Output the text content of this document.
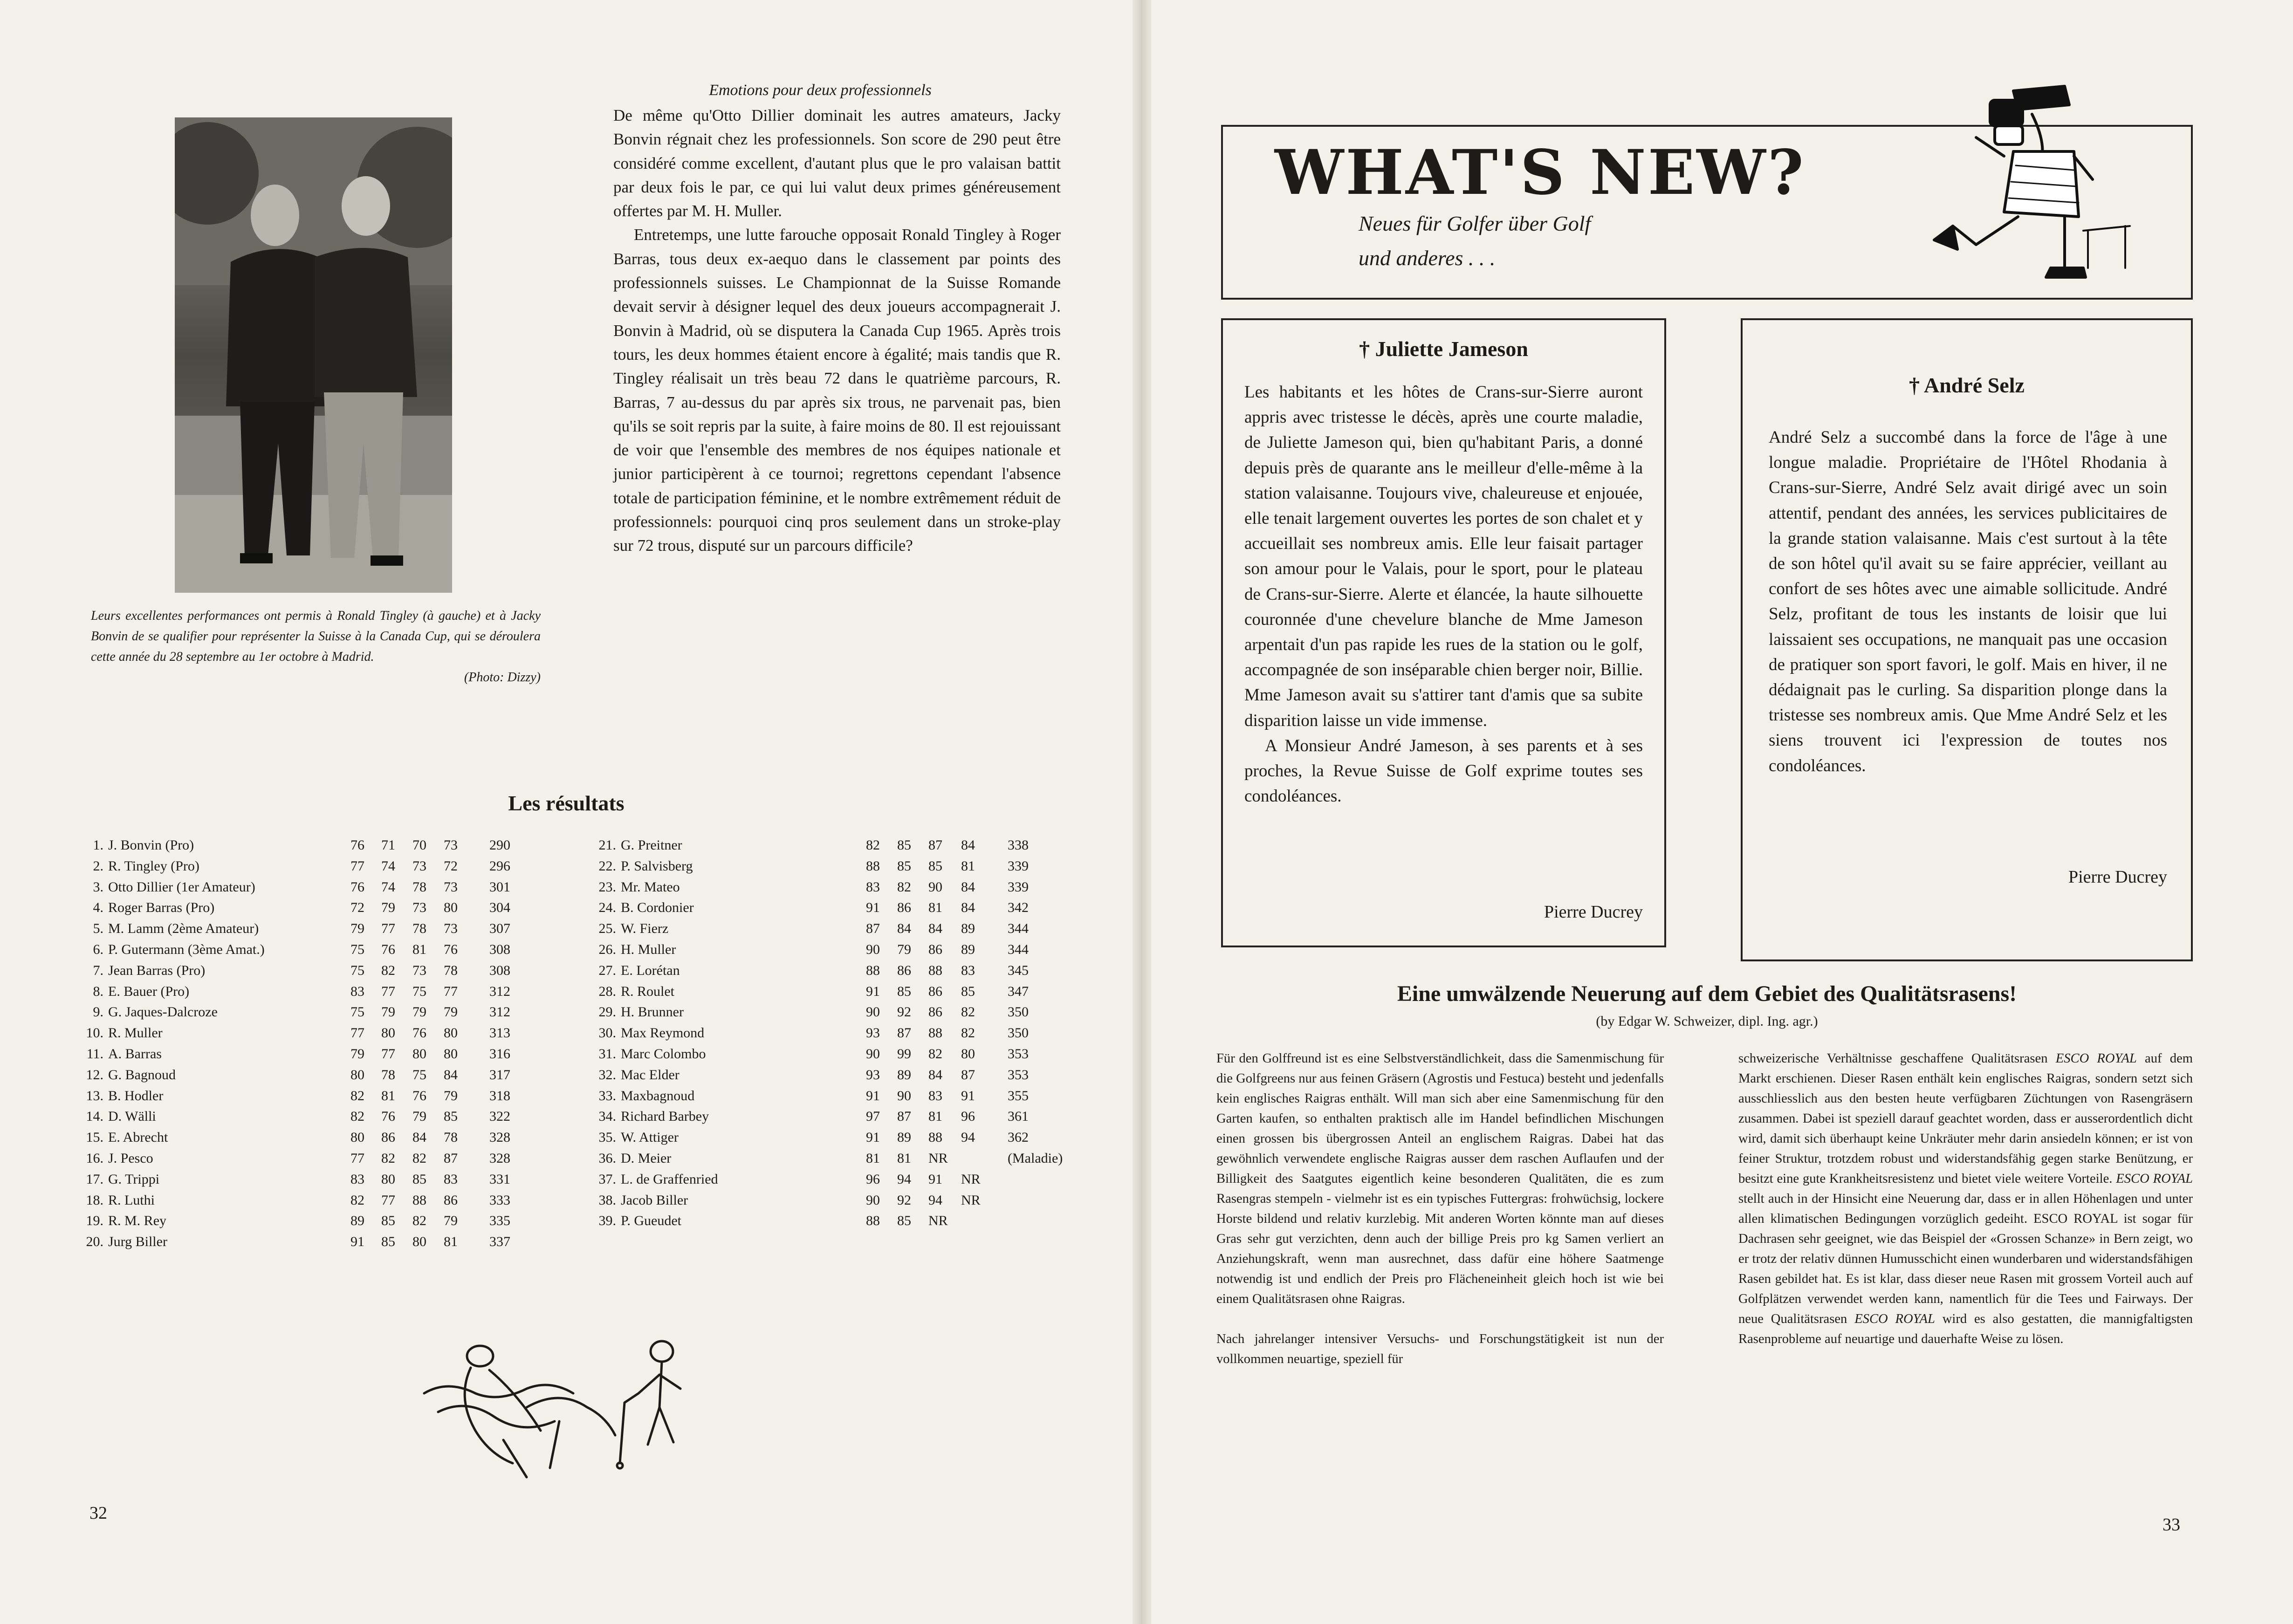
Leurs excellentes performances ont permis à Ronald Tingley (à gauche) et à Jacky Bonvin de se qualifier pour représenter la Suisse à la Canada Cup, qui se déroulera cette année du 28 septembre au 1er octobre à Madrid.
(Photo: Dizzy)

Emotions pour deux professionnels

De même qu'Otto Dillier dominait les autres amateurs, Jacky Bonvin régnait chez les professionnels. Son score de 290 peut être considéré comme excellent, d'autant plus que le pro valaisan battit par deux fois le par, ce qui lui valut deux primes généreusement offertes par M. H. Muller.

Entretemps, une lutte farouche opposait Ronald Tingley à Roger Barras, tous deux ex-aequo dans le classement par points des professionnels suisses. Le Championnat de la Suisse Romande devait servir à désigner lequel des deux joueurs accompagnerait J. Bonvin à Madrid, où se disputera la Canada Cup 1965. Après trois tours, les deux hommes étaient encore à égalité; mais tandis que R. Tingley réalisait un très beau 72 dans le quatrième parcours, R. Barras, 7 au-dessus du par après six trous, ne parvenait pas, bien qu'ils se soit repris par la suite, à faire moins de 80. Il est rejouissant de voir que l'ensemble des membres de nos équipes nationale et junior participèrent à ce tournoi; regrettons cependant l'absence totale de participation féminine, et le nombre extrêmement réduit de professionnels: pourquoi cinq pros seulement dans un stroke-play sur 72 trous, disputé sur un parcours difficile?

Les résultats
1. J. Bonvin (Pro)	76 71 70 73 290
2. R. Tingley (Pro)	77 74 73 72 296
3. Otto Dillier (1er Amateur)	76 74 78 73 301
4. Roger Barras (Pro)	72 79 73 80 304
5. M. Lamm (2ème Amateur)	79 77 78 73 307
6. P. Gutermann (3ème Amat.)	75 76 81 76 308
7. Jean Barras (Pro)	75 82 73 78 308
8. E. Bauer (Pro)	83 77 75 77 312
9. G. Jaques-Dalcroze	75 79 79 79 312
10. R. Muller	77 80 76 80 313
11. A. Barras	79 77 80 80 316
12. G. Bagnoud	80 78 75 84 317
13. B. Hodler	82 81 76 79 318
14. D. Wälli	82 76 79 85 322
15. E. Abrecht	80 86 84 78 328
16. J. Pesco	77 82 82 87 328
17. G. Trippi	83 80 85 83 331
18. R. Luthi	82 77 88 86 333
19. R. M. Rey	89 85 82 79 335
20. Jurg Biller	91 85 80 81 337
21. G. Preitner	82 85 87 84 338
22. P. Salvisberg	88 85 85 81 339
23. Mr. Mateo	83 82 90 84 339
24. B. Cordonier	91 86 81 84 342
25. W. Fierz	87 84 84 89 344
26. H. Muller	90 79 86 89 344
27. E. Lorétan	88 86 88 83 345
28. R. Roulet	91 85 86 85 347
29. H. Brunner	90 92 86 82 350
30. Max Reymond	93 87 88 82 350
31. Marc Colombo	90 99 82 80 353
32. Mac Elder	93 89 84 87 353
33. Maxbagnoud	91 90 83 91 355
34. Richard Barbey	97 87 81 96 361
35. W. Attiger	91 89 88 94 362
36. D. Meier	81 81 NR	(Maladie)
37. L. de Graffenried	96 94 91 NR
38. Jacob Biller	90 92 94 NR
39. P. Gueudet	88 85 NR
32
WHAT'S NEW?
Neues für Golfer über Golf
und anderes . . .
† Juliette Jameson

Les habitants et les hôtes de Crans-sur-Sierre auront appris avec tristesse le décès, après une courte maladie, de Juliette Jameson qui, bien qu'habitant Paris, a donné depuis près de quarante ans le meilleur d'elle-même à la station valaisanne. Toujours vive, chaleureuse et enjouée, elle tenait largement ouvertes les portes de son chalet et y accueillait ses nombreux amis. Elle leur faisait partager son amour pour le Valais, pour le sport, pour le plateau de Crans-sur-Sierre. Alerte et élancée, la haute silhouette couronnée d'une chevelure blanche de Mme Jameson arpentait d'un pas rapide les rues de la station ou le golf, accompagnée de son inséparable chien berger noir, Billie. Mme Jameson avait su s'attirer tant d'amis que sa subite disparition laisse un vide immense.

A Monsieur André Jameson, à ses parents et à ses proches, la Revue Suisse de Golf exprime toutes ses condoléances.

Pierre Ducrey
† André Selz

André Selz a succombé dans la force de l'âge à une longue maladie. Propriétaire de l'Hôtel Rhodania à Crans-sur-Sierre, André Selz avait dirigé avec un soin attentif, pendant des années, les services publicitaires de la grande station valaisanne. Mais c'est surtout à la tête de son hôtel qu'il avait su se faire apprécier, veillant au confort de ses hôtes avec une aimable sollicitude. André Selz, profitant de tous les instants de loisir que lui laissaient ses occupations, ne manquait pas une occasion de pratiquer son sport favori, le golf. Mais en hiver, il ne dédaignait pas le curling. Sa disparition plonge dans la tristesse ses nombreux amis. Que Mme André Selz et les siens trouvent ici l'expression de toutes nos condoléances.

Pierre Ducrey
Eine umwälzende Neuerung auf dem Gebiet des Qualitätsrasens!
(by Edgar W. Schweizer, dipl. Ing. agr.)

Für den Golffreund ist es eine Selbstverständlichkeit, dass die Samenmischung für die Golfgreens nur aus feinen Gräsern (Agrostis und Festuca) besteht und jedenfalls kein englisches Raigras enthält. Will man sich aber eine Samenmischung für den Garten kaufen, so enthalten praktisch alle im Handel befindlichen Mischungen einen grossen bis übergrossen Anteil an englischem Raigras. Dabei hat das gewöhnlich verwendete englische Raigras ausser dem raschen Auflaufen und der Billigkeit des Saatgutes eigentlich keine besonderen Qualitäten, die es zum Rasengras stempeln - vielmehr ist es ein typisches Futtergras: frohwüchsig, lockere Horste bildend und relativ kurzlebig. Mit anderen Worten könnte man auf dieses Gras sehr gut verzichten, denn auch der billige Preis pro kg Samen verliert an Anziehungskraft, wenn man ausrechnet, dass dafür eine höhere Saatmenge notwendig ist und endlich der Preis pro Flächeneinheit gleich hoch ist wie bei einem Qualitätsrasen ohne Raigras.

Nach jahrelanger intensiver Versuchs- und Forschungstätigkeit ist nun der vollkommen neuartige, speziell für

schweizerische Verhältnisse geschaffene Qualitätsrasen ESCO ROYAL auf dem Markt erschienen. Dieser Rasen enthält kein englisches Raigras, sondern setzt sich ausschliesslich aus den besten heute verfügbaren Züchtungen von Rasengräsern zusammen. Dabei ist speziell darauf geachtet worden, dass er ausserordentlich dicht wird, damit sich überhaupt keine Unkräuter mehr darin ansiedeln können; er ist von feiner Struktur, trotzdem robust und widerstandsfähig gegen starke Benützung, er besitzt eine gute Krankheitsresistenz und bietet viele weitere Vorteile. ESCO ROYAL stellt auch in der Hinsicht eine Neuerung dar, dass er in allen Höhenlagen und unter allen klimatischen Bedingungen vorzüglich gedeiht. ESCO ROYAL ist sogar für Dachrasen sehr geeignet, wie das Beispiel der «Grossen Schanze» in Bern zeigt, wo er trotz der relativ dünnen Humusschicht einen wunderbaren und widerstandsfähigen Rasen gebildet hat. Es ist klar, dass dieser neue Rasen mit grossem Vorteil auch auf Golfplätzen verwendet werden kann, namentlich für die Tees und Fairways. Der neue Qualitätsrasen ESCO ROYAL wird es also gestatten, die mannigfaltigsten Rasenprobleme auf neuartige und dauerhafte Weise zu lösen.

33
